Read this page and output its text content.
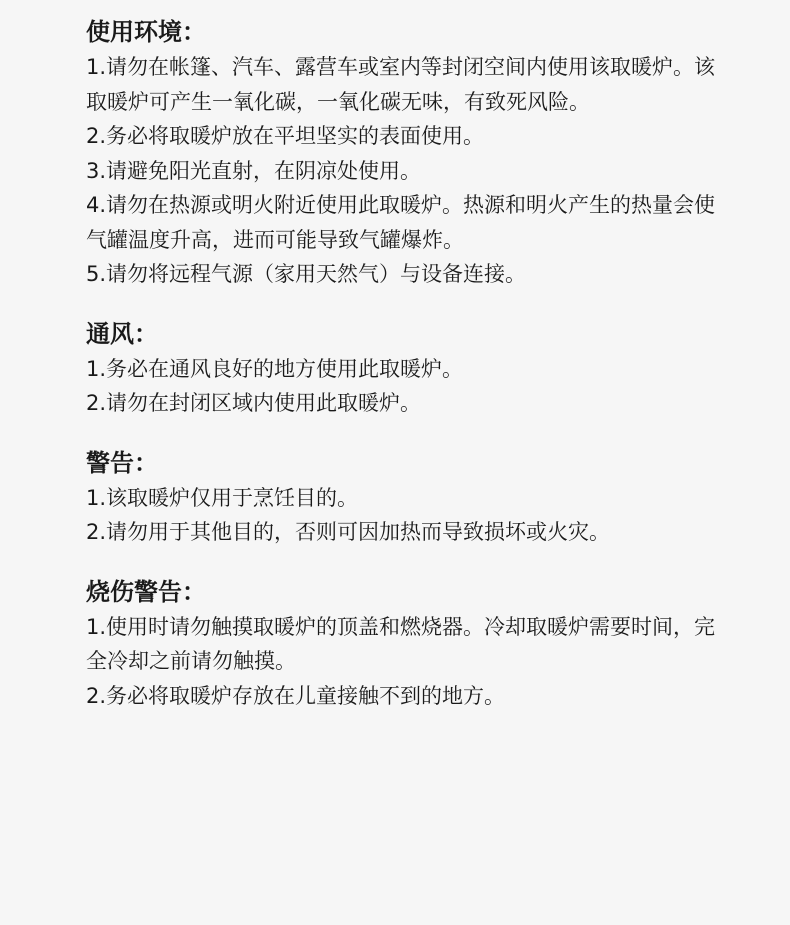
使用环境：
1.请勿在帐篷、汽车、露营车或室内等封闭空间内使用该取暖炉。该取暖炉可产生一氧化碳，一氧化碳无味，有致死风险。
2.务必将取暖炉放在平坦坚实的表面使用。
3.请避免阳光直射，在阴凉处使用。
4.请勿在热源或明火附近使用此取暖炉。热源和明火产生的热量会使气罐温度升高，进而可能导致气罐爆炸。
5.请勿将远程气源（家用天然气）与设备连接。
通风：
1.务必在通风良好的地方使用此取暖炉。
2.请勿在封闭区域内使用此取暖炉。
警告：
1.该取暖炉仅用于烹饪目的。
2.请勿用于其他目的，否则可因加热而导致损坏或火灾。
烧伤警告：
1.使用时请勿触摸取暖炉的顶盖和燃烧器。冷却取暖炉需要时间，完全冷却之前请勿触摸。
2.务必将取暖炉存放在儿童接触不到的地方。
